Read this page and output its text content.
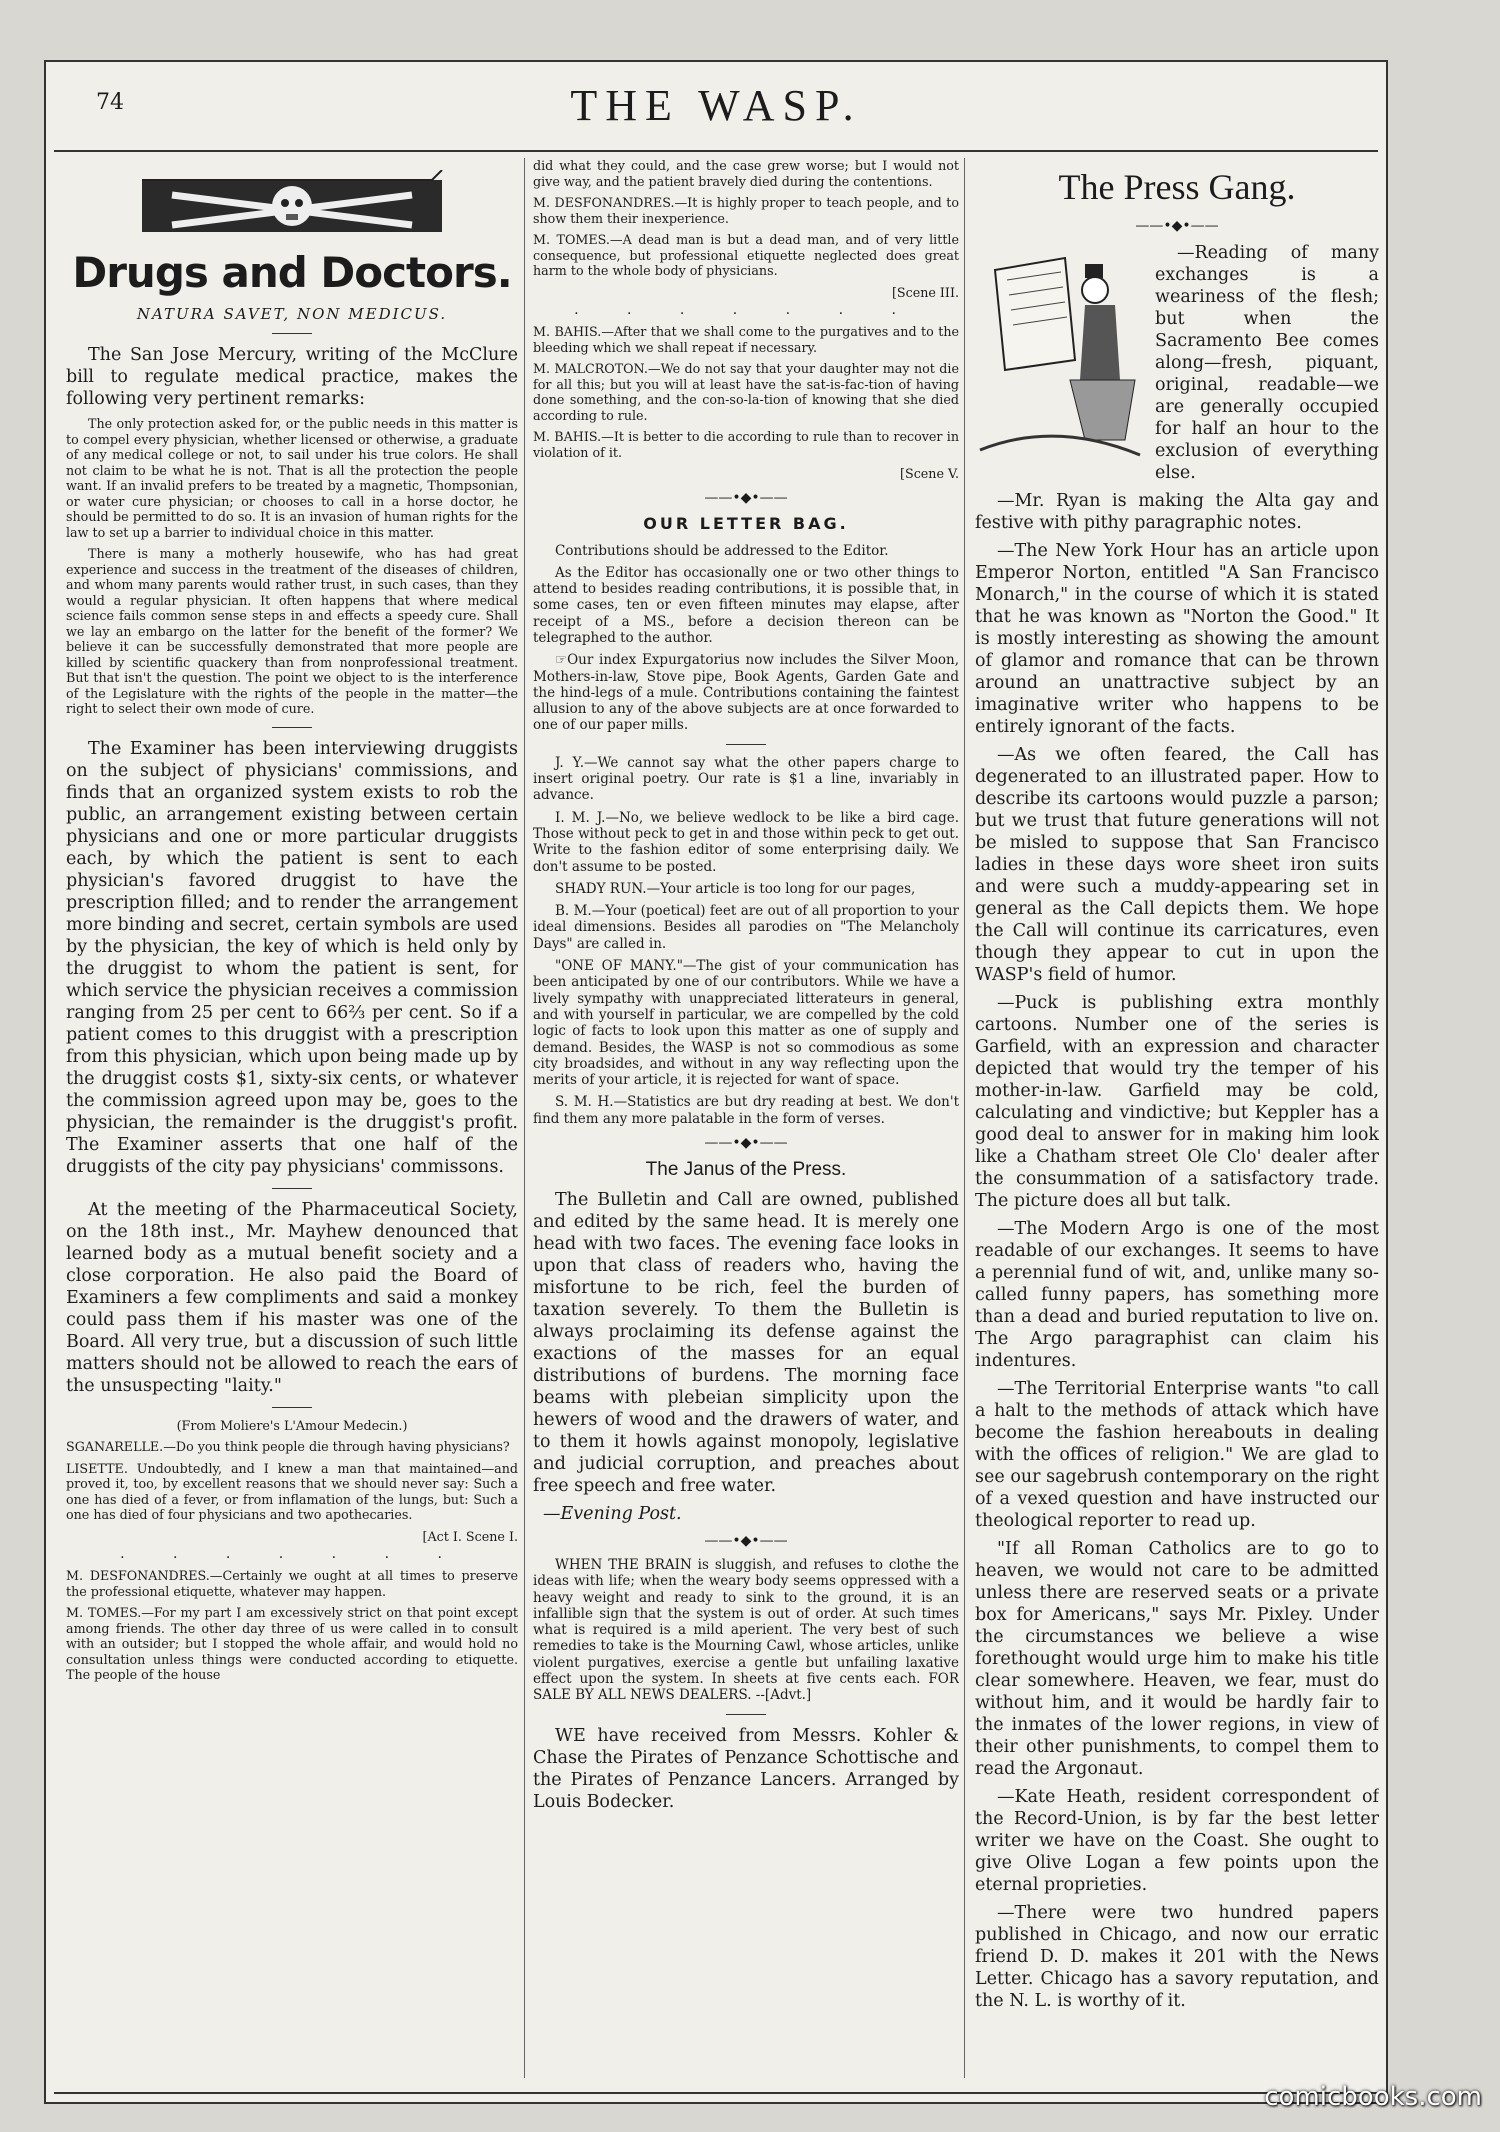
74	THE WASP.
Drugs and Doctors.
NATURA SAVET, NON MEDICUS.

The San Jose Mercury, writing of the McClure bill to regulate medical practice, makes the following very pertinent remarks:

The only protection asked for, or the public needs in this matter is to compel every physician, whether licensed or otherwise, a graduate of any medical college or not, to sail under his true colors. He shall not claim to be what he is not. That is all the protection the people want. If an invalid prefers to be treated by a magnetic, Thompsonian, or water cure physician; or chooses to call in a horse doctor, he should be permitted to do so. It is an invasion of human rights for the law to set up a barrier to individual choice in this matter.

There is many a motherly housewife, who has had great experience and success in the treatment of the diseases of children, and whom many parents would rather trust, in such cases, than they would a regular physician. It often happens that where medical science fails common sense steps in and effects a speedy cure. Shall we lay an embargo on the latter for the benefit of the former? We believe it can be successfully demonstrated that more people are killed by scientific quackery than from nonprofessional treatment. But that isn't the question. The point we object to is the interference of the Legislature with the rights of the people in the matter—the right to select their own mode of cure.

The Examiner has been interviewing druggists on the subject of physicians' commissions, and finds that an organized system exists to rob the public, an arrangement existing between certain physicians and one or more particular druggists each, by which the patient is sent to each physician's favored druggist to have the prescription filled; and to render the arrangement more binding and secret, certain symbols are used by the physician, the key of which is held only by the druggist to whom the patient is sent, for which service the physician receives a commission ranging from 25 per cent to 66⅔ per cent. So if a patient comes to this druggist with a prescription from this physician, which upon being made up by the druggist costs $1, sixty-six cents, or whatever the commission agreed upon may be, goes to the physician, the remainder is the druggist's profit. The Examiner asserts that one half of the druggists of the city pay physicians' commissons.

At the meeting of the Pharmaceutical Society, on the 18th inst., Mr. Mayhew denounced that learned body as a mutual benefit society and a close corporation. He also paid the Board of Examiners a few compliments and said a monkey could pass them if his master was one of the Board. All very true, but a discussion of such little matters should not be allowed to reach the ears of the unsuspecting "laity."

(From Moliere's L'Amour Medecin.)

SGANARELLE.—Do you think people die through having physicians?

LISETTE. Undoubtedly, and I knew a man that maintained—and proved it, too, by excellent reasons that we should never say: Such a one has died of a fever, or from inflamation of the lungs, but: Such a one has died of four physicians and two apothecaries.

[Act I. Scene I.
. . . . . . .

M. DESFONANDRES.—Certainly we ought at all times to preserve the professional etiquette, whatever may happen.

M. TOMES.—For my part I am excessively strict on that point except among friends. The other day three of us were called in to consult with an outsider; but I stopped the whole affair, and would hold no consultation unless things were conducted according to etiquette. The people of the house

did what they could, and the case grew worse; but I would not give way, and the patient bravely died during the contentions.

M. DESFONANDRES.—It is highly proper to teach people, and to show them their inexperience.

M. TOMES.—A dead man is but a dead man, and of very little consequence, but professional etiquette neglected does great harm to the whole body of physicians.

[Scene III.
. . . . . . .

M. BAHIS.—After that we shall come to the purgatives and to the bleeding which we shall repeat if necessary.

M. MALCROTON.—We do not say that your daughter may not die for all this; but you will at least have the sat-is-fac-tion of having done something, and the con-so-la-tion of knowing that she died according to rule.

M. BAHIS.—It is better to die according to rule than to recover in violation of it.

[Scene V.
——•◆•——
OUR LETTER BAG.

Contributions should be addressed to the Editor.

As the Editor has occasionally one or two other things to attend to besides reading contributions, it is possible that, in some cases, ten or even fifteen minutes may elapse, after receipt of a MS., before a decision thereon can be telegraphed to the author.

☞Our index Expurgatorius now includes the Silver Moon, Mothers-in-law, Stove pipe, Book Agents, Garden Gate and the hind-legs of a mule. Contributions containing the faintest allusion to any of the above subjects are at once forwarded to one of our paper mills.

J. Y.—We cannot say what the other papers charge to insert original poetry. Our rate is $1 a line, invariably in advance.

I. M. J.—No, we believe wedlock to be like a bird cage. Those without peck to get in and those within peck to get out. Write to the fashion editor of some enterprising daily. We don't assume to be posted.

SHADY RUN.—Your article is too long for our pages,

B. M.—Your (poetical) feet are out of all proportion to your ideal dimensions. Besides all parodies on "The Melancholy Days" are called in.

"ONE OF MANY."—The gist of your communication has been anticipated by one of our contributors. While we have a lively sympathy with unappreciated litterateurs in general, and with yourself in particular, we are compelled by the cold logic of facts to look upon this matter as one of supply and demand. Besides, the WASP is not so commodious as some city broadsides, and without in any way reflecting upon the merits of your article, it is rejected for want of space.

S. M. H.—Statistics are but dry reading at best. We don't find them any more palatable in the form of verses.

——•◆•——
The Janus of the Press.

The Bulletin and Call are owned, published and edited by the same head. It is merely one head with two faces. The evening face looks in upon that class of readers who, having the misfortune to be rich, feel the burden of taxation severely. To them the Bulletin is always proclaiming its defense against the exactions of the masses for an equal distributions of burdens. The morning face beams with plebeian simplicity upon the hewers of wood and the drawers of water, and to them it howls against monopoly, legislative and judicial corruption, and preaches about free speech and free water.

—Evening Post.
——•◆•——

WHEN THE BRAIN is sluggish, and refuses to clothe the ideas with life; when the weary body seems oppressed with a heavy weight and ready to sink to the ground, it is an infallible sign that the system is out of order. At such times what is required is a mild aperient. The very best of such remedies to take is the Mourning Cawl, whose articles, unlike violent purgatives, exercise a gentle but unfailing laxative effect upon the system. In sheets at five cents each. FOR SALE BY ALL NEWS DEALERS. --[Advt.]

WE have received from Messrs. Kohler & Chase the Pirates of Penzance Schottische and the Pirates of Penzance Lancers. Arranged by Louis Bodecker.

The Press Gang.
——•◆•——

—Reading of many exchanges is a weariness of the flesh; but when the Sacramento Bee comes along—fresh, piquant, original, readable—we are generally occupied for half an hour to the exclusion of everything else.

—Mr. Ryan is making the Alta gay and festive with pithy paragraphic notes.

—The New York Hour has an article upon Emperor Norton, entitled "A San Francisco Monarch," in the course of which it is stated that he was known as "Norton the Good." It is mostly interesting as showing the amount of glamor and romance that can be thrown around an unattractive subject by an imaginative writer who happens to be entirely ignorant of the facts.

—As we often feared, the Call has degenerated to an illustrated paper. How to describe its cartoons would puzzle a parson; but we trust that future generations will not be misled to suppose that San Francisco ladies in these days wore sheet iron suits and were such a muddy-appearing set in general as the Call depicts them. We hope the Call will continue its carricatures, even though they appear to cut in upon the WASP's field of humor.

—Puck is publishing extra monthly cartoons. Number one of the series is Garfield, with an expression and character depicted that would try the temper of his mother-in-law. Garfield may be cold, calculating and vindictive; but Keppler has a good deal to answer for in making him look like a Chatham street Ole Clo' dealer after the consummation of a satisfactory trade. The picture does all but talk.

—The Modern Argo is one of the most readable of our exchanges. It seems to have a perennial fund of wit, and, unlike many so-called funny papers, has something more than a dead and buried reputation to live on. The Argo paragraphist can claim his indentures.

—The Territorial Enterprise wants "to call a halt to the methods of attack which have become the fashion hereabouts in dealing with the offices of religion." We are glad to see our sagebrush contemporary on the right of a vexed question and have instructed our theological reporter to read up.

"If all Roman Catholics are to go to heaven, we would not care to be admitted unless there are reserved seats or a private box for Americans," says Mr. Pixley. Under the circumstances we believe a wise forethought would urge him to make his title clear somewhere. Heaven, we fear, must do without him, and it would be hardly fair to the inmates of the lower regions, in view of their other punishments, to compel them to read the Argonaut.

—Kate Heath, resident correspondent of the Record-Union, is by far the best letter writer we have on the Coast. She ought to give Olive Logan a few points upon the eternal proprieties.

—There were two hundred papers published in Chicago, and now our erratic friend D. D. makes it 201 with the News Letter. Chicago has a savory reputation, and the N. L. is worthy of it.

comicbooks.com
